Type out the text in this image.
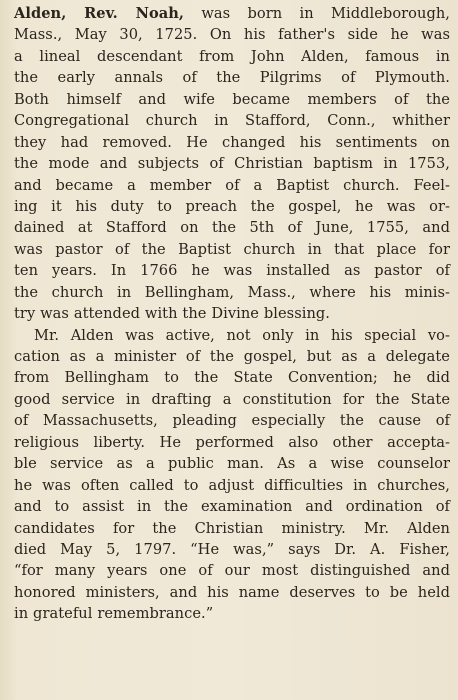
Alden, Rev. Noah, was born in Middleborough,
Mass., May 30, 1725. On his father's side he was
a lineal descendant from John Alden, famous in
the early annals of the Pilgrims of Plymouth.
Both himself and wife became members of the
Congregational church in Stafford, Conn., whither
they had removed. He changed his sentiments on
the mode and subjects of Christian baptism in 1753,
and became a member of a Baptist church. Feel-
ing it his duty to preach the gospel, he was or-
dained at Stafford on the 5th of June, 1755, and
was pastor of the Baptist church in that place for
ten years. In 1766 he was installed as pastor of
the church in Bellingham, Mass., where his minis-
try was attended with the Divine blessing.
Mr. Alden was active, not only in his special vo-
cation as a minister of the gospel, but as a delegate
from Bellingham to the State Convention; he did
good service in drafting a constitution for the State
of Massachusetts, pleading especially the cause of
religious liberty. He performed also other accepta-
ble service as a public man. As a wise counselor
he was often called to adjust difficulties in churches,
and to assist in the examination and ordination of
candidates for the Christian ministry. Mr. Alden
died May 5, 1797. “He was,” says Dr. A. Fisher,
“for many years one of our most distinguished and
honored ministers, and his name deserves to be held
in grateful remembrance.”
